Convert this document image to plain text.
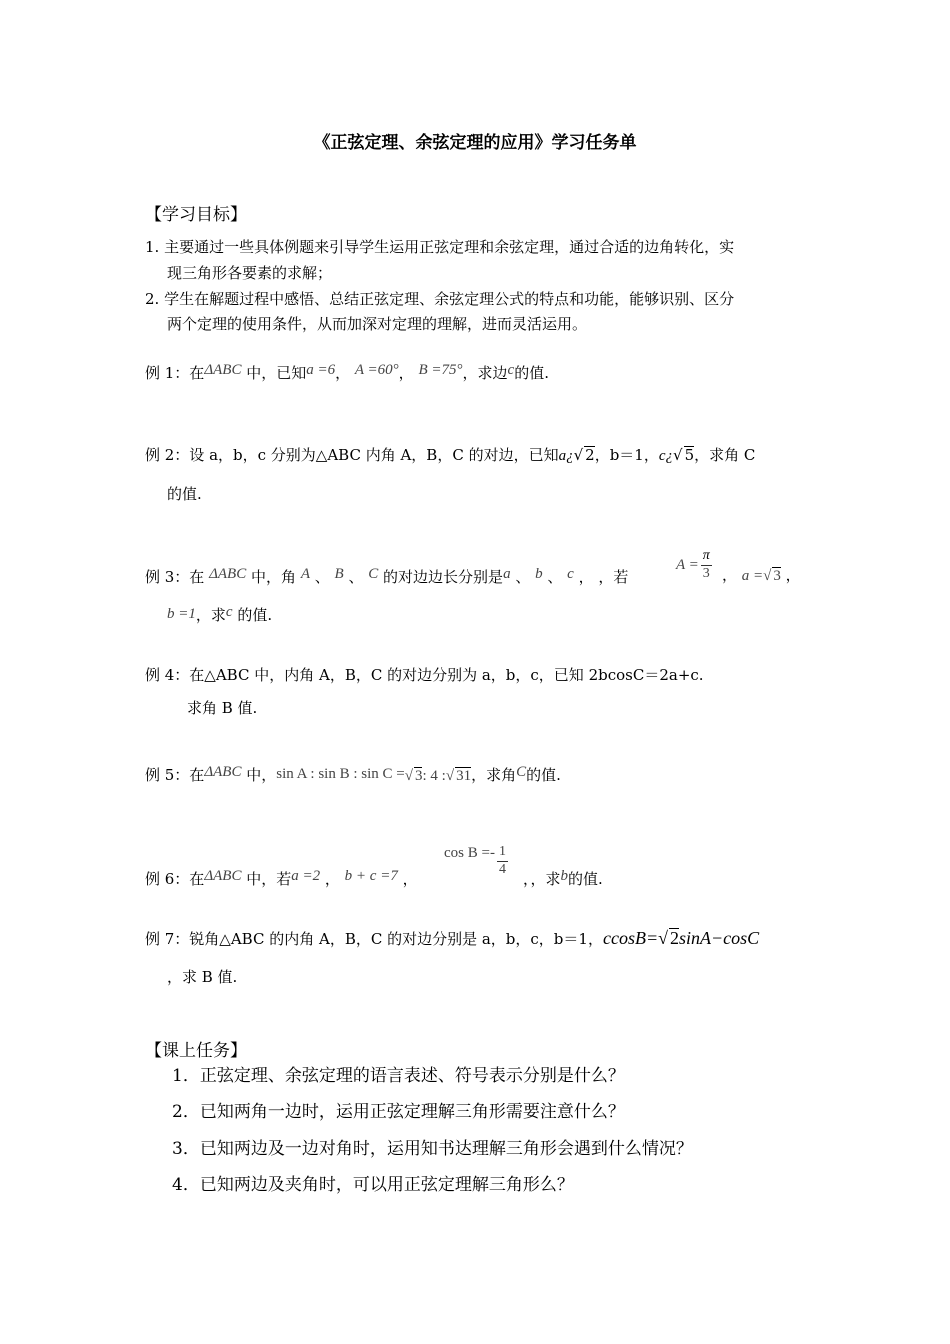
《正弦定理、余弦定理的应用》学习任务单
【学习目标】
1. 主要通过一些具体例题来引导学生运用正弦定理和余弦定理，通过合适的边角转化，实
现三角形各要素的求解；
2. 学生在解题过程中感悟、总结正弦定理、余弦定理公式的特点和功能，能够识别、区分
两个定理的使用条件，从而加深对定理的理解，进而灵活运用。
例 1：在ΔABC 中，已知a =6， A =60°， B =75°，求边c的值.
例 2：设 a，b，c 分别为△ABC 内角 A，B，C 的对边，已知a¿√ 2，b＝1，c¿√ 5，求角 C
的值.
例 3：在 ΔABC 中，角 A 、 B 、 C 的对边边长分别是a 、 b 、 c ， ，若
$A = \frac{\pi}{3}$ ， a =√ 3 ，
b =1，求c 的值.
例 4：在△ABC 中，内角 A，B，C 的对边分别为 a，b，c，已知 2bcosC＝2a+c.
求角 B 值.
例 5：在ΔABC 中，sin A : sin B : sin C =√ 3: 4 :√ 31，求角C的值.
例 6：在ΔABC 中，若a =2 ， b + c =7 ，
$\cos B =- \frac{1}{4}$
，，求b的值.
例 7：锐角△ABC 的内角 A，B，C 的对边分别是 a，b，c，b＝1，ccosB=√ 2sinA−cosC
，求 B 值.
【课上任务】
1．正弦定理、余弦定理的语言表述、符号表示分别是什么？
2．已知两角一边时，运用正弦定理解三角形需要注意什么？
3．已知两边及一边对角时，运用知书达理解三角形会遇到什么情况？
4．已知两边及夹角时，可以用正弦定理解三角形么？
